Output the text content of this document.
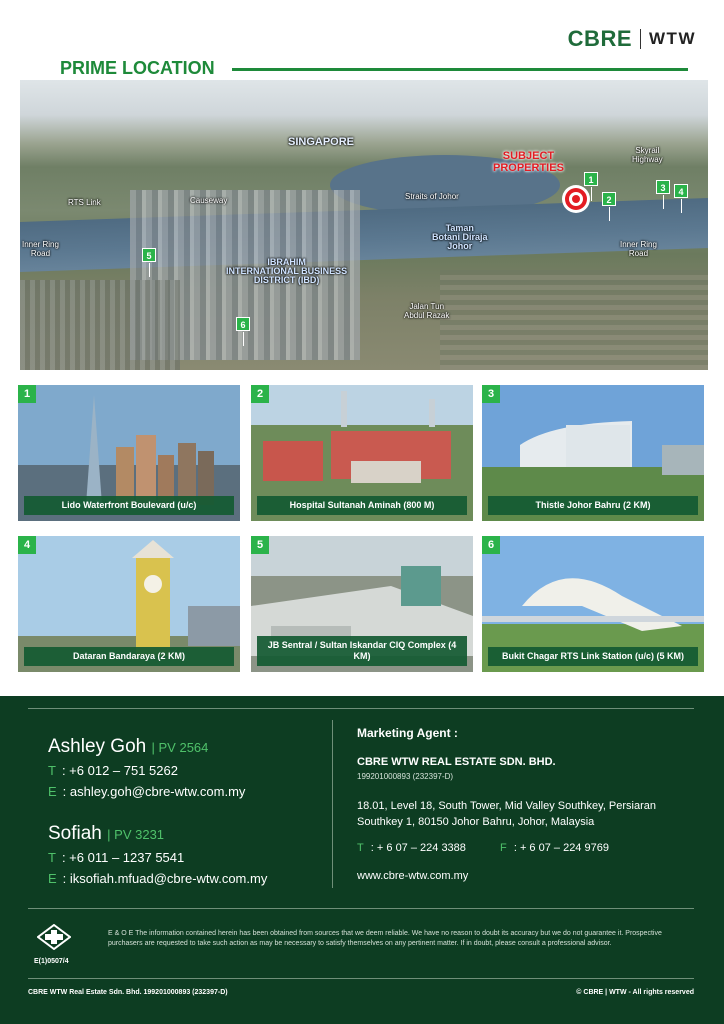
CBRE WTW
PRIME LOCATION
SINGAPORE
SUBJECT
PROPERTIES
Skyrail
Highway
RTS Link	Causeway	Straits of Johor
Taman
Botani Diraja
Johor
Inner Ring
Road
Inner Ring
Road
IBRAHIM
INTERNATIONAL BUSINESS
DISTRICT (IBD)
Jalan Tun
Abdul Razak
1
2
3	4
5
6
1
Lido Waterfront Boulevard (u/c)
2
Hospital Sultanah Aminah (800 M)
3
Thistle Johor Bahru (2 KM)
4
Dataran Bandaraya (2 KM)
5
JB Sentral / Sultan Iskandar CIQ Complex (4 KM)
6
Bukit Chagar RTS Link Station (u/c) (5 KM)
Ashley Goh | PV 2564
T : +6 012 – 751 5262
E : ashley.goh@cbre-wtw.com.my
Sofiah | PV 3231
T : +6 011 – 1237 5541
E : iksofiah.mfuad@cbre-wtw.com.my
Marketing Agent :
CBRE WTW REAL ESTATE SDN. BHD.
199201000893 (232397-D)
18.01, Level 18, South Tower, Mid Valley Southkey, Persiaran Southkey 1, 80150 Johor Bahru, Johor, Malaysia
T : + 6 07 – 224 3388	F : + 6 07 – 224 9769
www.cbre-wtw.com.my
E(1)0507/4
E & O E The information contained herein has been obtained from sources that we deem reliable. We have no reason to doubt its accuracy but we do not guarantee it. Prospective purchasers are requested to take such action as may be necessary to satisfy themselves on any pertinent matter. If in doubt, please consult a professional advisor.
CBRE WTW Real Estate Sdn. Bhd. 199201000893 (232397-D)	© CBRE | WTW - All rights reserved
